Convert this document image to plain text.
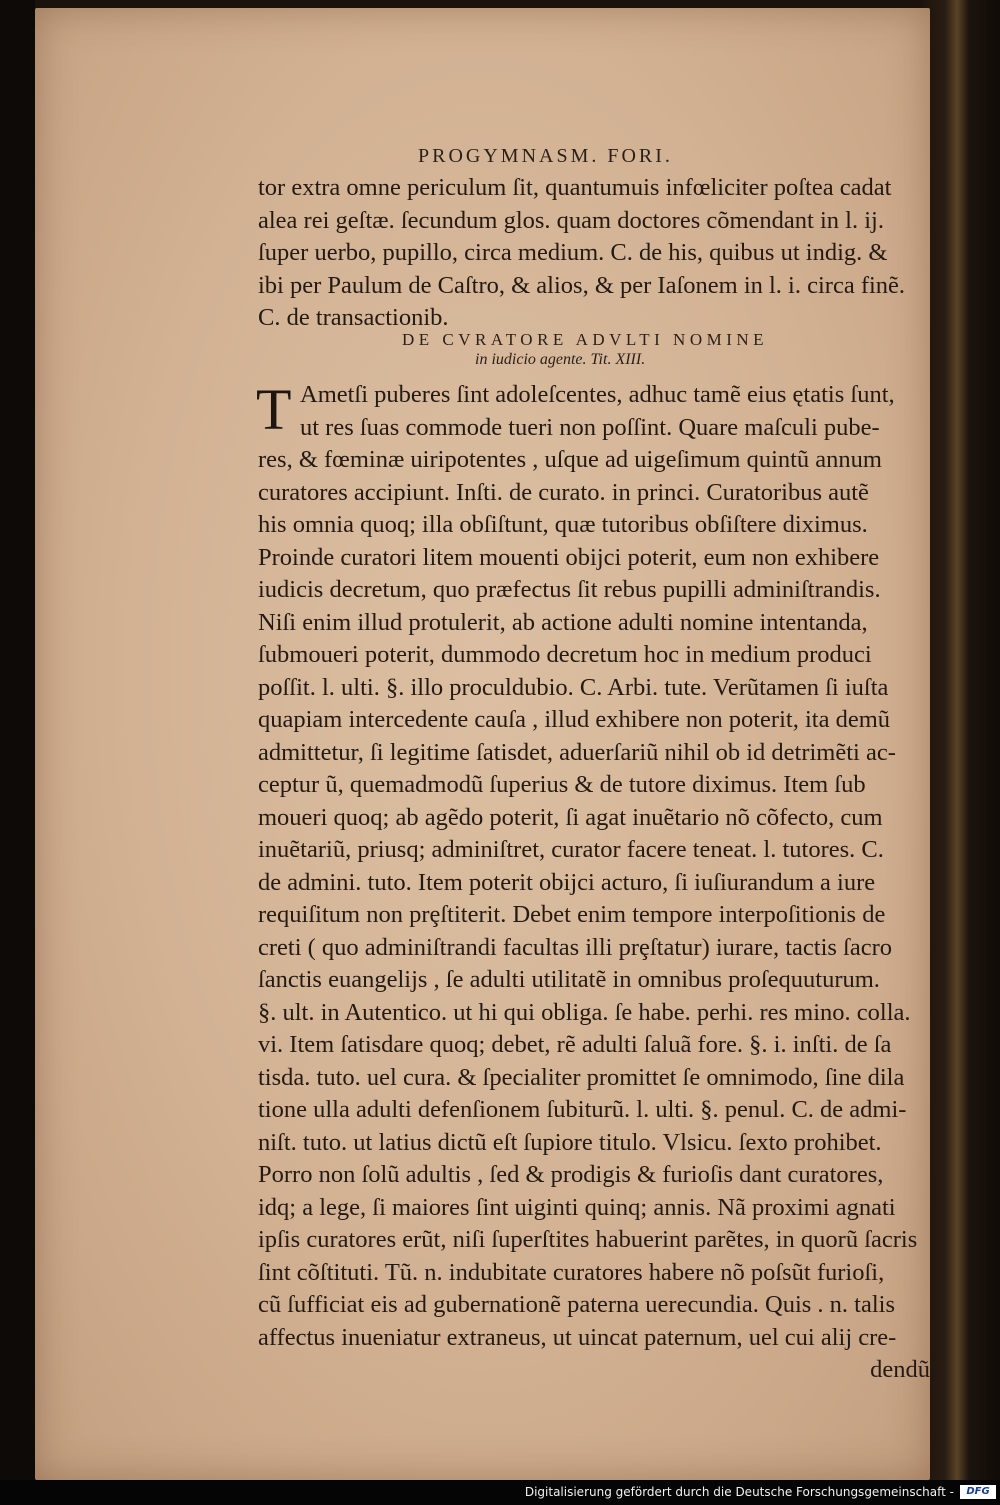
PROGYMNASM. FORI.
tor extra omne periculum ſit, quantumuis infœliciter poſtea cadat
alea rei geſtæ. ſecundum glos. quam doctores cõmendant in l. ij.
ſuper uerbo, pupillo, circa medium. C. de his, quibus ut indig. &
ibi per Paulum de Caſtro, & alios, & per Iaſonem in l. i. circa finẽ.
C. de transactionib.
DE CVRATORE ADVLTI NOMINE
in iudicio agente. Tit. XIII.
T Ametſi puberes ſint adoleſcentes, adhuc tamẽ eius ętatis ſunt,
ut res ſuas commode tueri non poſſint. Quare maſculi pube-
res, & fœminæ uiripotentes , uſque ad uigeſimum quintũ annum
curatores accipiunt. Inſti. de curato. in princi. Curatoribus autẽ
his omnia quoq; illa obſiſtunt, quæ tutoribus obſiſtere diximus.
Proinde curatori litem mouenti obijci poterit, eum non exhibere
iudicis decretum, quo præfectus ſit rebus pupilli adminiſtrandis.
Niſi enim illud protulerit, ab actione adulti nomine intentanda,
ſubmoueri poterit, dummodo decretum hoc in medium produci
poſſit. l. ulti. §. illo proculdubio. C. Arbi. tute. Verũtamen ſi iuſta
quapiam intercedente cauſa , illud exhibere non poterit, ita demũ
admittetur, ſi legitime ſatisdet, aduerſariũ nihil ob id detrimẽti ac-
ceptur ũ, quemadmodũ ſuperius & de tutore diximus. Item ſub
moueri quoq; ab agẽdo poterit, ſi agat inuẽtario nõ cõfecto, cum
inuẽtariũ, priusq; adminiſtret, curator facere teneat. l. tutores. C.
de admini. tuto. Item poterit obijci acturo, ſi iuſiurandum a iure
requiſitum non prȩſtiterit. Debet enim tempore interpoſitionis de
creti ( quo adminiſtrandi facultas illi prȩſtatur) iurare, tactis ſacro
ſanctis euangelijs , ſe adulti utilitatẽ in omnibus proſequuturum.
§. ult. in Autentico. ut hi qui obliga. ſe habe. perhi. res mino. colla.
vi. Item ſatisdare quoq; debet, rẽ adulti ſaluã fore. §. i. inſti. de ſa
tisda. tuto. uel cura. & ſpecialiter promittet ſe omnimodo, ſine dila
tione ulla adulti defenſionem ſubiturũ. l. ulti. §. penul. C. de admi-
niſt. tuto. ut latius dictũ eſt ſupiore titulo. Vlsicu. ſexto prohibet.
Porro non ſolũ adultis , ſed & prodigis & furioſis dant curatores,
idq; a lege, ſi maiores ſint uiginti quinq; annis. Nã proximi agnati
ipſis curatores erũt, niſi ſuperſtites habuerint parẽtes, in quorũ ſacris
ſint cõſtituti. Tũ. n. indubitate curatores habere nõ poſsũt furioſi,
cũ ſufficiat eis ad gubernationẽ paterna uerecundia. Quis . n. talis
affectus inueniatur extraneus, ut uincat paternum, uel cui alij cre-
dendũ
Digitalisierung gefördert durch die Deutsche Forschungsgemeinschaft -	DFG
